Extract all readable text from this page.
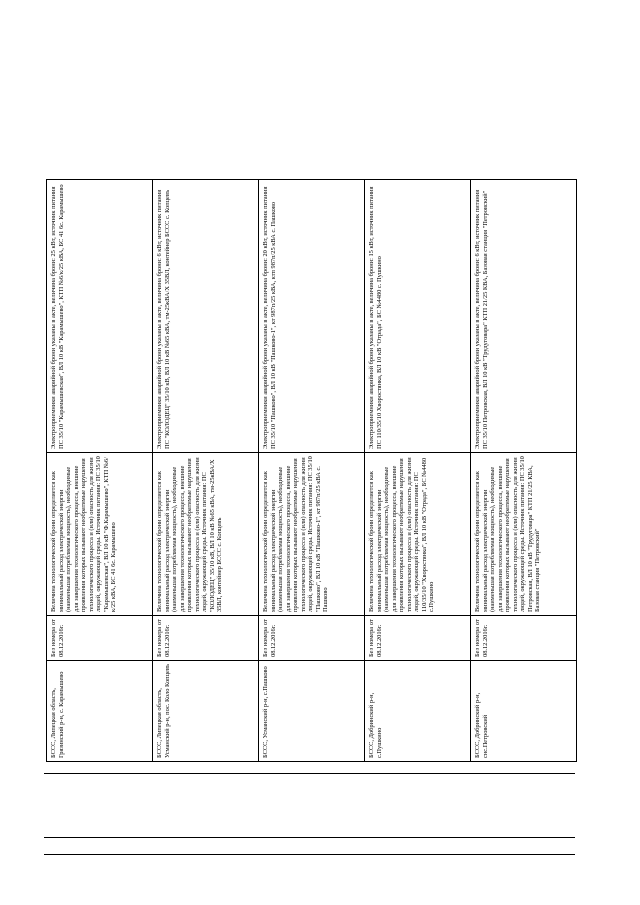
БССС, Липецкая область, Грязинский р-н, с. Карамышево	Без номера от 08.12.2016г.	Величина технологической брони определяется как минимальный расход электрической энергии (наименьшая потребляемая мощность), необходимые для завершения технологического процесса, внешние проявления которых вызывают необратимые нарушения технологического процесса и (или) опасность для жизни людей, окружающей среды. Источник питания: ПС 35/10 "Карамышевская", ВЛ 10 кВ "Ф.Карамышево", КТП №6/к/25 кВА, БС 41 6с. Карамышево	Электроприемники аварийной брони указаны в акте, величина брони: 25 кВт, источник питания ПС 35/10 "Карамышевская", ВЛ 10 кВ "Карамышево", КТП №6/к/25 кВА, БС 41 6с. Карамышево
БССС, Липецкая область, Усманский р-н, пос. Коло Копцевъ	Без номера от 08.12.2016г.	Величина технологической брони определяется как минимальный расход электрической энергии (наименьшая потребляемая мощность), необходимые для завершения технологического процесса, внешние проявления которых вызывают необратимые нарушения технологического процесса и (или) опасность для жизни людей, окружающей среды. Источник питания: ПС "КОЛОДЕЦ" 35/10 кВ, ВЛ 10 кВ №65 кВА, тм-25кВА/Х 35ВЛ, контейнер БССС с. Копцевъ	Электроприемники аварийной брони указаны в акте, величина брони: 6 кВт, источник питания ПС "КОЛОДЕЦ" 35/10 кВ, ВЛ 10 кВ №65 кВА, тм-25кВА/Х 35ВЛ, контейнер БССС с. Копцевъ
БССС, Усманский р-н, с.Пашково	Без номера от 08.12.2016г.	Величина технологической брони определяется как минимальный расход электрической энергии (наименьшая потребляемая мощность), необходимые для завершения технологического процесса, внешние проявления которых вызывают необратимые нарушения технологического процесса и (или) опасность для жизни людей, окружающей среды. Источник питания: ПС 35/10 "Пашково", ВЛ 10 кВ "Пашково-1", кт 987п/25 кВА с. Пашково	Электроприемники аварийной брони указаны в акте, величина брони: 20 кВт, источник питания ПС 35/10 "Пашково", ВЛ 10 кВ "Пашково-1", кт 987п/25 кВА, ктп 987п/25 кВА с. Пашково
БССС, Добринский р-н, с.Пушкино	Без номера от 08.12.2016г.	Величина технологической брони определяется как минимальный расход электрической энергии (наименьшая потребляемая мощность), необходимые для завершения технологического процесса, внешние проявления которых вызывают необратимые нарушения технологического процесса и (или) опасность для жизни людей, окружающей среды. Источник питания: ПС 110/35/10 "Хворостянка", ВЛ 10 кВ "Отрада", БС №4480 с.Пушкино	Электроприемники аварийной брони указаны в акте, величина брони: 15 кВт, источник питания ПС 110/35/10 Хворостянка, ВЛ 10 кВ "Отрада", БС №4480 с. Пушкино
БССС, Добринский р-н, снс.Петровский	Без номера от 08.12.2016г.	Величина технологической брони определяется как минимальный расход электрической энергии (наименьшая потребляемая мощность), необходимые для завершения технологического процесса, внешние проявления которых вызывают необратимые нарушения технологического процесса и (или) опасность для жизни людей, окружающей среды. Источник питания: ПС 35/10 Петровская, ВЛ 10 кВ "Трудуговара" КТП 21/25 КВА, Базовая станция "Петровский"	Электроприемники аварийной брони указаны в акте, величина брони: 6 кВт, источник питания ПС 35/10 Петровская, ВЛ 10 кВ "Трудуговара" КТП 21/25 КВА, Базовая станция "Петровский"
